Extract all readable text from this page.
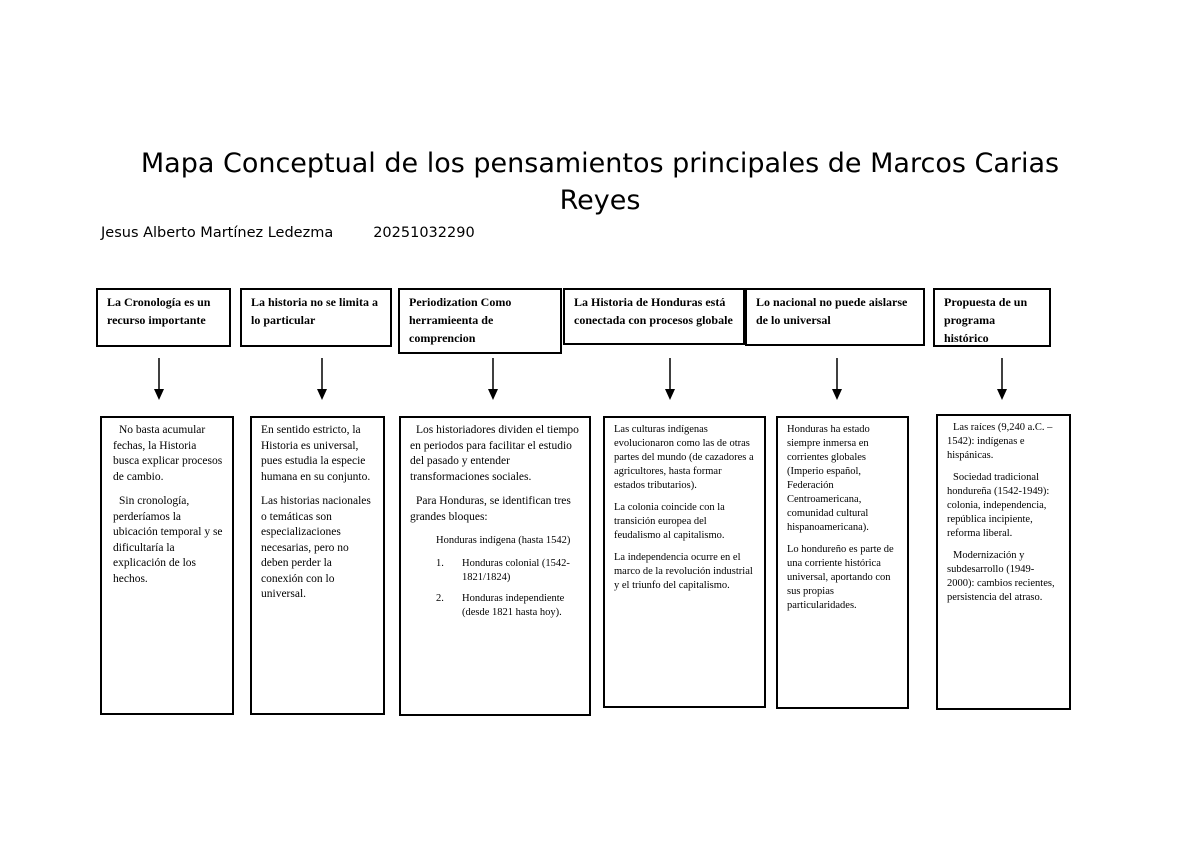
Mapa Conceptual de los pensamientos principales de Marcos Carias Reyes
Jesus Alberto Martínez Ledezma	20251032290
La Cronología es un recurso importante

No basta acumular fechas, la Historia busca explicar procesos de cambio.

Sin cronología, perderíamos la ubicación temporal y se dificultaría la explicación de los hechos.

La historia no se limita a lo particular

En sentido estricto, la Historia es universal, pues estudia la especie humana en su conjunto.

Las historias nacionales o temáticas son especializaciones necesarias, pero no deben perder la conexión con lo universal.

Periodization Como herramieenta de comprencion

Los historiadores dividen el tiempo en periodos para facilitar el estudio del pasado y entender transformaciones sociales.

Para Honduras, se identifican tres grandes bloques:

Honduras indígena (hasta 1542)

1.	Honduras colonial (1542-1821/1824)
2.	Honduras independiente (desde 1821 hasta hoy).
La Historia de Honduras está conectada con procesos globale

Las culturas indígenas evolucionaron como las de otras partes del mundo (de cazadores a agricultores, hasta formar estados tributarios).

La colonia coincide con la transición europea del feudalismo al capitalismo.

La independencia ocurre en el marco de la revolución industrial y el triunfo del capitalismo.

Lo nacional no puede aislarse de lo universal

Honduras ha estado siempre inmersa en corrientes globales (Imperio español, Federación Centroamericana, comunidad cultural hispanoamericana).

Lo hondureño es parte de una corriente histórica universal, aportando con sus propias particularidades.

Propuesta de un programa histórico

Las raíces (9,240 a.C. – 1542): indígenas e hispánicas.

Sociedad tradicional hondureña (1542-1949): colonia, independencia, república incipiente, reforma liberal.

Modernización y subdesarrollo (1949-2000): cambios recientes, persistencia del atraso.
